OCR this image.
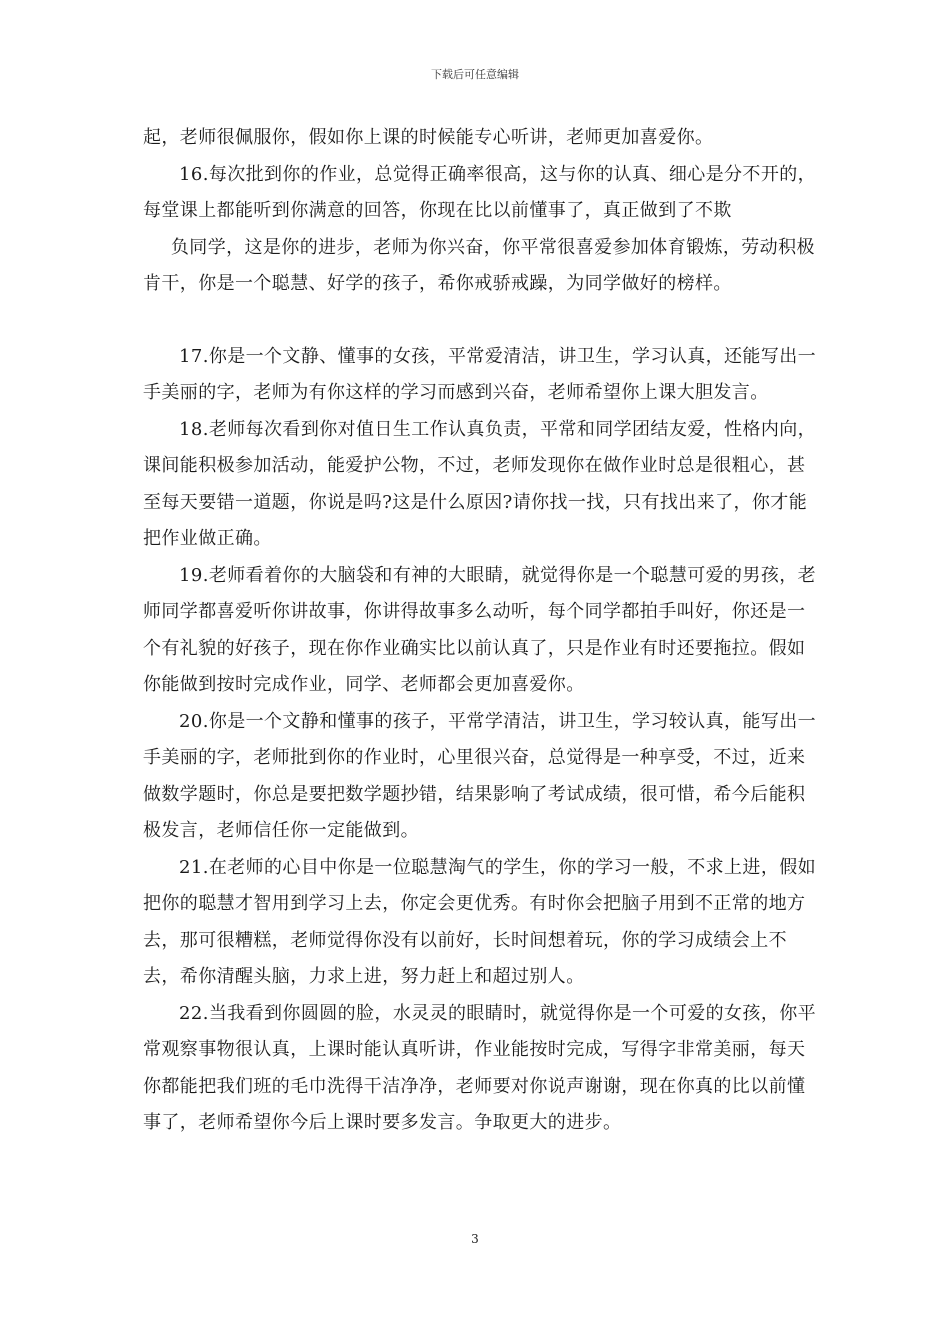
下载后可任意编辑

起，老师很佩服你，假如你上课的时候能专心听讲，老师更加喜爱你。

16.每次批到你的作业，总觉得正确率很高，这与你的认真、细心是分不开的，每堂课上都能听到你满意的回答，你现在比以前懂事了，真正做到了不欺

负同学，这是你的进步，老师为你兴奋，你平常很喜爱参加体育锻炼，劳动积极肯干，你是一个聪慧、好学的孩子，希你戒骄戒躁，为同学做好的榜样。

17.你是一个文静、懂事的女孩，平常爱清洁，讲卫生，学习认真，还能写出一手美丽的字，老师为有你这样的学习而感到兴奋，老师希望你上课大胆发言。

18.老师每次看到你对值日生工作认真负责，平常和同学团结友爱，性格内向，课间能积极参加活动，能爱护公物，不过，老师发现你在做作业时总是很粗心，甚至每天要错一道题，你说是吗?这是什么原因?请你找一找，只有找出来了，你才能把作业做正确。

19.老师看着你的大脑袋和有神的大眼睛，就觉得你是一个聪慧可爱的男孩，老师同学都喜爱听你讲故事，你讲得故事多么动听，每个同学都拍手叫好，你还是一个有礼貌的好孩子，现在你作业确实比以前认真了，只是作业有时还要拖拉。假如你能做到按时完成作业，同学、老师都会更加喜爱你。

20.你是一个文静和懂事的孩子，平常学清洁，讲卫生，学习较认真，能写出一手美丽的字，老师批到你的作业时，心里很兴奋，总觉得是一种享受，不过，近来做数学题时，你总是要把数学题抄错，结果影响了考试成绩，很可惜，希今后能积极发言，老师信任你一定能做到。

21.在老师的心目中你是一位聪慧淘气的学生，你的学习一般，不求上进，假如把你的聪慧才智用到学习上去，你定会更优秀。有时你会把脑子用到不正常的地方去，那可很糟糕，老师觉得你没有以前好，长时间想着玩，你的学习成绩会上不去，希你清醒头脑，力求上进，努力赶上和超过别人。

22.当我看到你圆圆的脸，水灵灵的眼睛时，就觉得你是一个可爱的女孩，你平常观察事物很认真，上课时能认真听讲，作业能按时完成，写得字非常美丽，每天你都能把我们班的毛巾洗得干洁净净，老师要对你说声谢谢，现在你真的比以前懂事了，老师希望你今后上课时要多发言。争取更大的进步。

3
